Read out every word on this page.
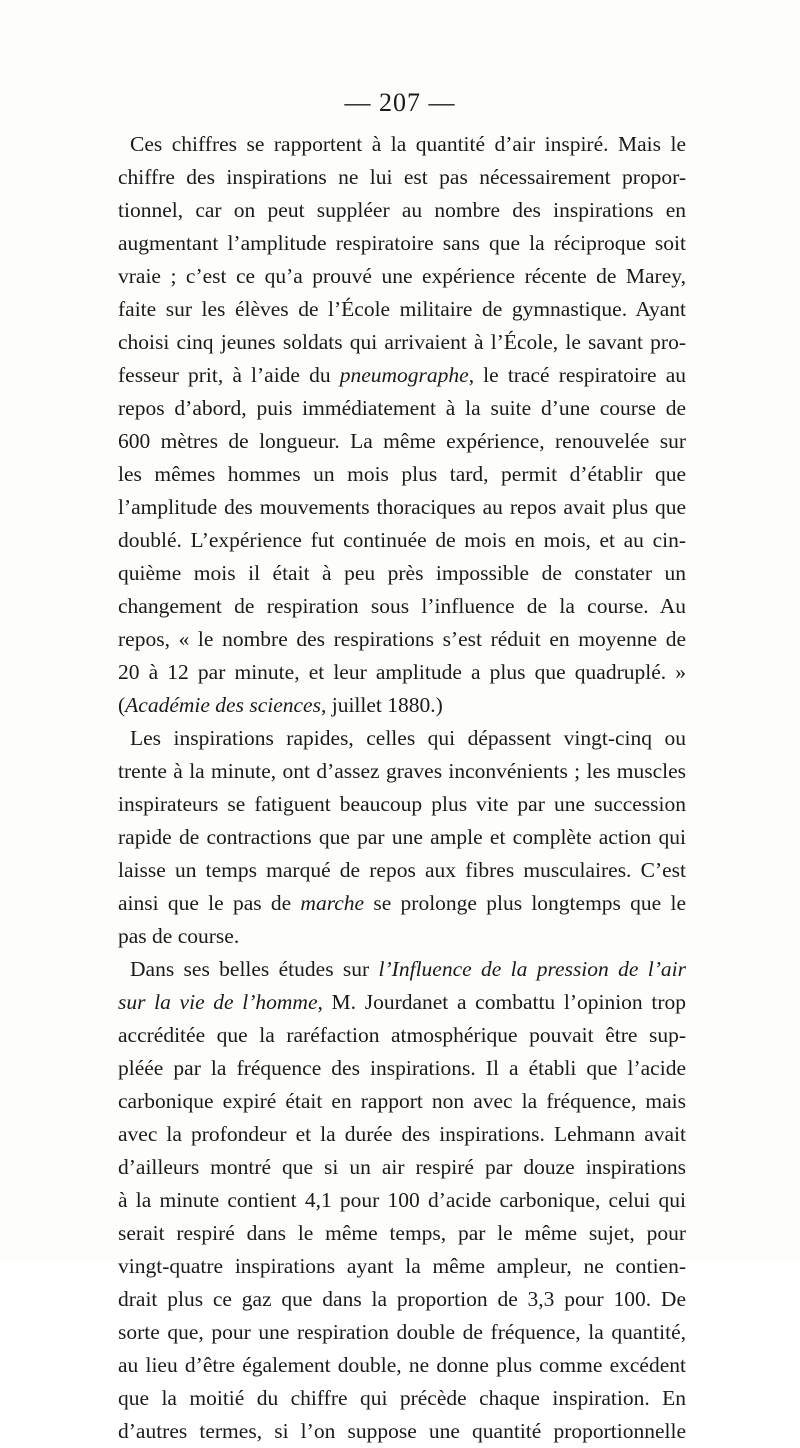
— 207 —
Ces chiffres se rapportent à la quantité d’air inspiré. Mais le
chiffre des inspirations ne lui est pas nécessairement propor-
tionnel, car on peut suppléer au nombre des inspirations en
augmentant l’amplitude respiratoire sans que la réciproque soit
vraie ; c’est ce qu’a prouvé une expérience récente de Marey,
faite sur les élèves de l’École militaire de gymnastique. Ayant
choisi cinq jeunes soldats qui arrivaient à l’École, le savant pro-
fesseur prit, à l’aide du pneumographe, le tracé respiratoire au
repos d’abord, puis immédiatement à la suite d’une course de
600 mètres de longueur. La même expérience, renouvelée sur
les mêmes hommes un mois plus tard, permit d’établir que
l’amplitude des mouvements thoraciques au repos avait plus que
doublé. L’expérience fut continuée de mois en mois, et au cin-
quième mois il était à peu près impossible de constater un
changement de respiration sous l’influence de la course. Au
repos, « le nombre des respirations s’est réduit en moyenne de
20 à 12 par minute, et leur amplitude a plus que quadruplé. »
(Académie des sciences, juillet 1880.)
Les inspirations rapides, celles qui dépassent vingt-cinq ou
trente à la minute, ont d’assez graves inconvénients ; les muscles
inspirateurs se fatiguent beaucoup plus vite par une succession
rapide de contractions que par une ample et complète action qui
laisse un temps marqué de repos aux fibres musculaires. C’est
ainsi que le pas de marche se prolonge plus longtemps que le
pas de course.
Dans ses belles études sur l’Influence de la pression de l’air
sur la vie de l’homme, M. Jourdanet a combattu l’opinion trop
accréditée que la raréfaction atmosphérique pouvait être sup-
pléée par la fréquence des inspirations. Il a établi que l’acide
carbonique expiré était en rapport non avec la fréquence, mais
avec la profondeur et la durée des inspirations. Lehmann avait
d’ailleurs montré que si un air respiré par douze inspirations
à la minute contient 4,1 pour 100 d’acide carbonique, celui qui
serait respiré dans le même temps, par le même sujet, pour
vingt-quatre inspirations ayant la même ampleur, ne contien-
drait plus ce gaz que dans la proportion de 3,3 pour 100. De
sorte que, pour une respiration double de fréquence, la quantité,
au lieu d’être également double, ne donne plus comme excédent
que la moitié du chiffre qui précède chaque inspiration. En
d’autres termes, si l’on suppose une quantité proportionnelle
